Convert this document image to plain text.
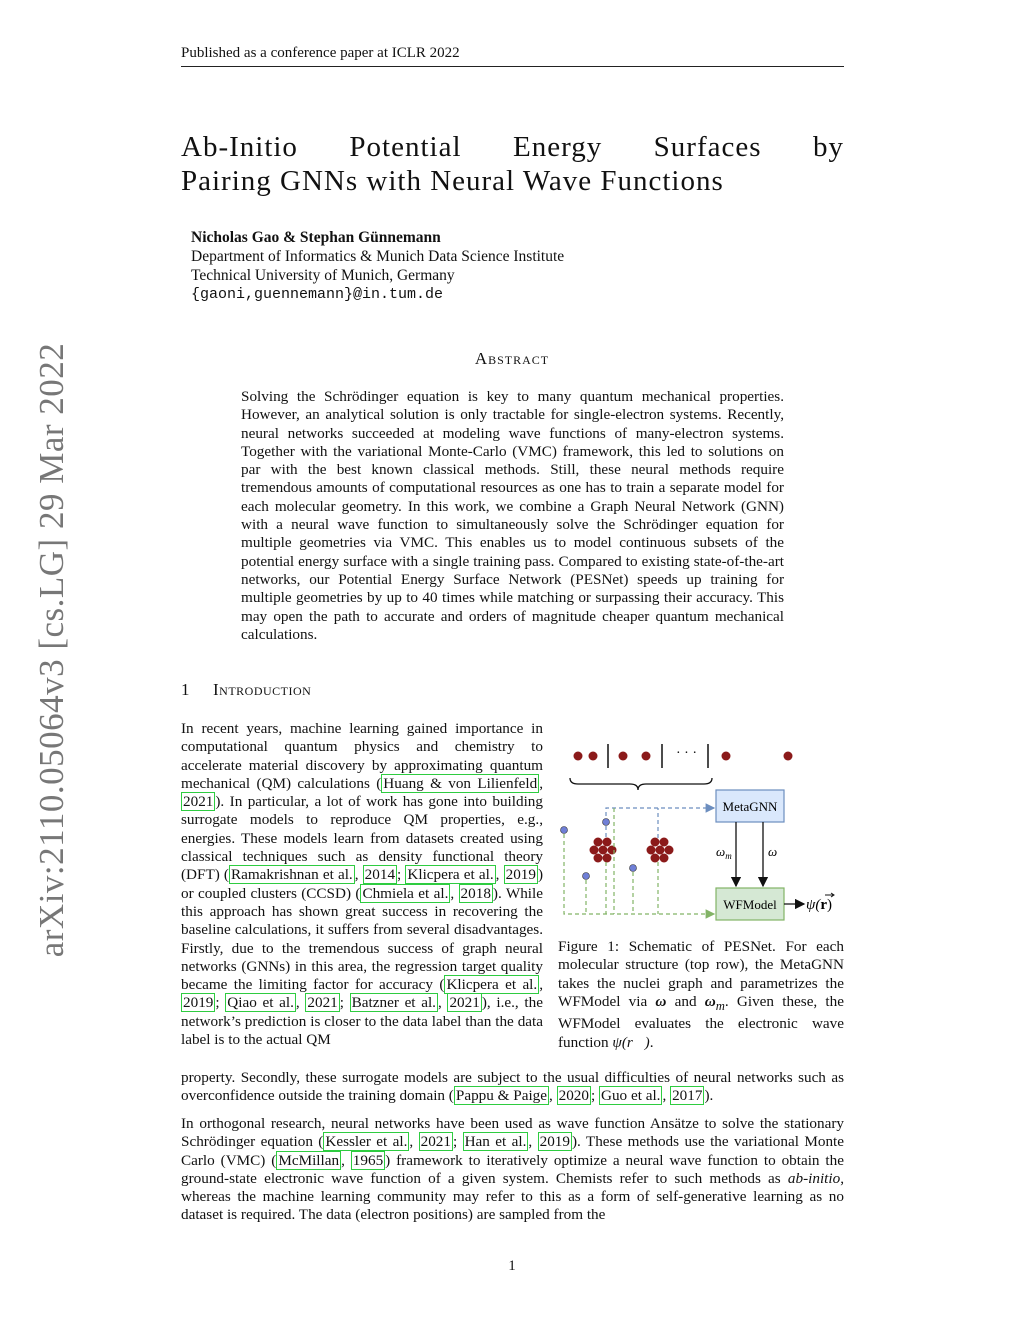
Published as a conference paper at ICLR 2022
arXiv:2110.05064v3 [cs.LG] 29 Mar 2022
Ab-Initio Potential Energy Surfaces by
Pairing GNNs with Neural Wave Functions
Nicholas Gao & Stephan Günnemann
Department of Informatics & Munich Data Science Institute
Technical University of Munich, Germany
{gaoni,guennemann}@in.tum.de
Abstract
Solving the Schrödinger equation is key to many quantum mechanical properties. However, an analytical solution is only tractable for single-electron systems. Recently, neural networks succeeded at modeling wave functions of many-electron systems. Together with the variational Monte-Carlo (VMC) framework, this led to solutions on par with the best known classical methods. Still, these neural methods require tremendous amounts of computational resources as one has to train a separate model for each molecular geometry. In this work, we combine a Graph Neural Network (GNN) with a neural wave function to simultaneously solve the Schrödinger equation for multiple geometries via VMC. This enables us to model continuous subsets of the potential energy surface with a single training pass. Compared to existing state-of-the-art networks, our Potential Energy Surface Network (PESNet) speeds up training for multiple geometries by up to 40 times while matching or surpassing their accuracy. This may open the path to accurate and orders of magnitude cheaper quantum mechanical calculations.
1 Introduction
In recent years, machine learning gained importance in computational quantum physics and chemistry to accelerate material discovery by approximating quantum mechanical (QM) calculations ( Huang & von Lilienfeld , 2021 ). In particular, a lot of work has gone into building surrogate models to reproduce QM properties, e.g., energies. These models learn from datasets created using classical techniques such as density functional theory (DFT) ( Ramakrishnan et al. , 2014 ; Klicpera et al. , 2019 ) or coupled clusters (CCSD) ( Chmiela et al. , 2018 ). While this approach has shown great success in recovering the baseline calculations, it suffers from several disadvantages. Firstly, due to the tremendous success of graph neural networks (GNNs) in this area, the regression target quality became the limiting factor for accuracy ( Klicpera et al. , 2019 ; Qiao et al. , 2021 ; Batzner et al. , 2021 ), i.e., the network’s prediction is closer to the data label than the data label is to the actual QM
property. Secondly, these surrogate models are subject to the usual difficulties of neural networks such as overconfidence outside the training domain ( Pappu & Paige , 2020 ; Guo et al. , 2017 ).
In orthogonal research, neural networks have been used as wave function Ansätze to solve the stationary Schrödinger equation ( Kessler et al. , 2021 ; Han et al. , 2019 ). These methods use the variational Monte Carlo (VMC) ( McMillan , 1965 ) framework to iteratively optimize a neural wave function to obtain the ground-state electronic wave function of a given system. Chemists refer to such methods as ab-initio, whereas the machine learning community may refer to this as a form of self-generative learning as no dataset is required. The data (electron positions) are sampled from the
· · ·
MetaGNN
$\omega_m$	ω
WFModel ψ(r)
Figure 1: Schematic of PESNet. For each molecular structure (top row), the MetaGNN takes the nuclei graph and parametrizes the WFModel via ω and $\omega_m$. Given these, the WFModel evaluates the electronic wave function ψ(r⃗).
1
